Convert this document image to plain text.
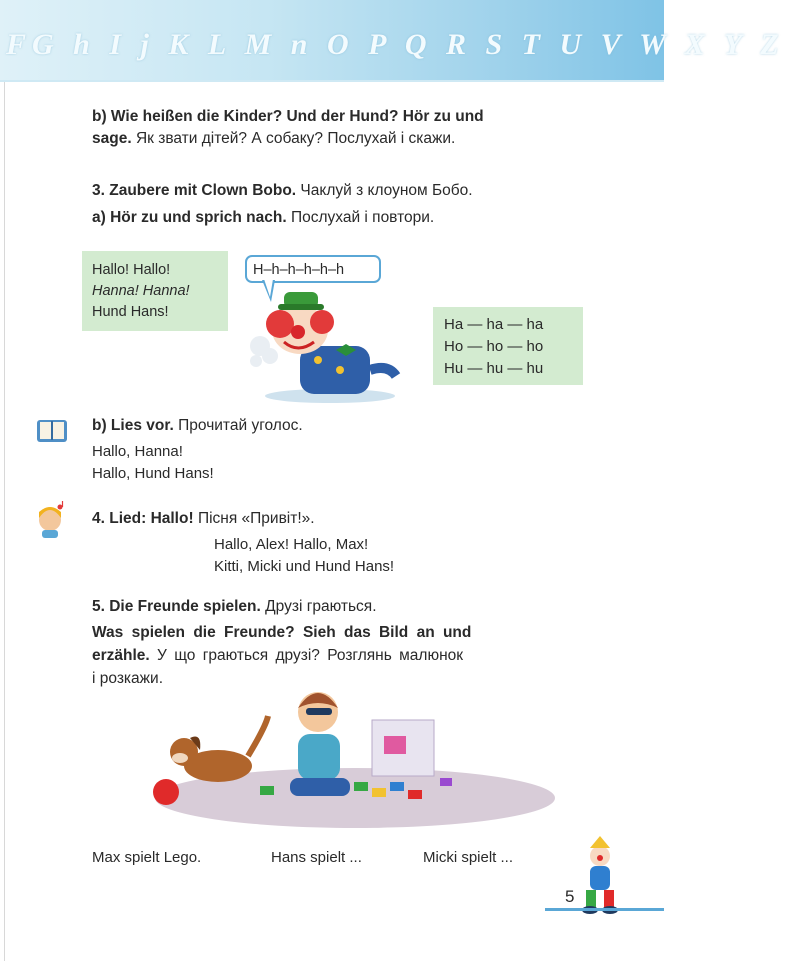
FG h I j K L M n O P Q R S T U V W X Y Z
b) Wie heißen die Kinder? Und der Hund? Hör zu und
sage. Як звати дітей? А собаку? Послухай і скажи.
3. Zaubere mit Clown Bobo. Чаклуй з клоуном Бобо.
a) Hör zu und sprich nach. Послухай і повтори.
Hallo! Hallo!
Hanna! Hanna!
Hund Hans!
H–h–h–h–h–h
Ha — ha — ha
Ho — ho — ho
Hu — hu — hu
b) Lies vor. Прочитай уголос.
Hallo, Hanna!
Hallo, Hund Hans!
4. Lied: Hallo! Пісня «Привіт!».
Hallo, Alex! Hallo, Max!
Kitti, Micki und Hund Hans!
5. Die Freunde spielen. Друзі граються.
Was spielen die Freunde? Sieh das Bild an und
erzähle. У що граються друзі? Розглянь малюнок
і розкажи.
Max spielt Lego.	Hans spielt ...	Micki spielt ...
5
